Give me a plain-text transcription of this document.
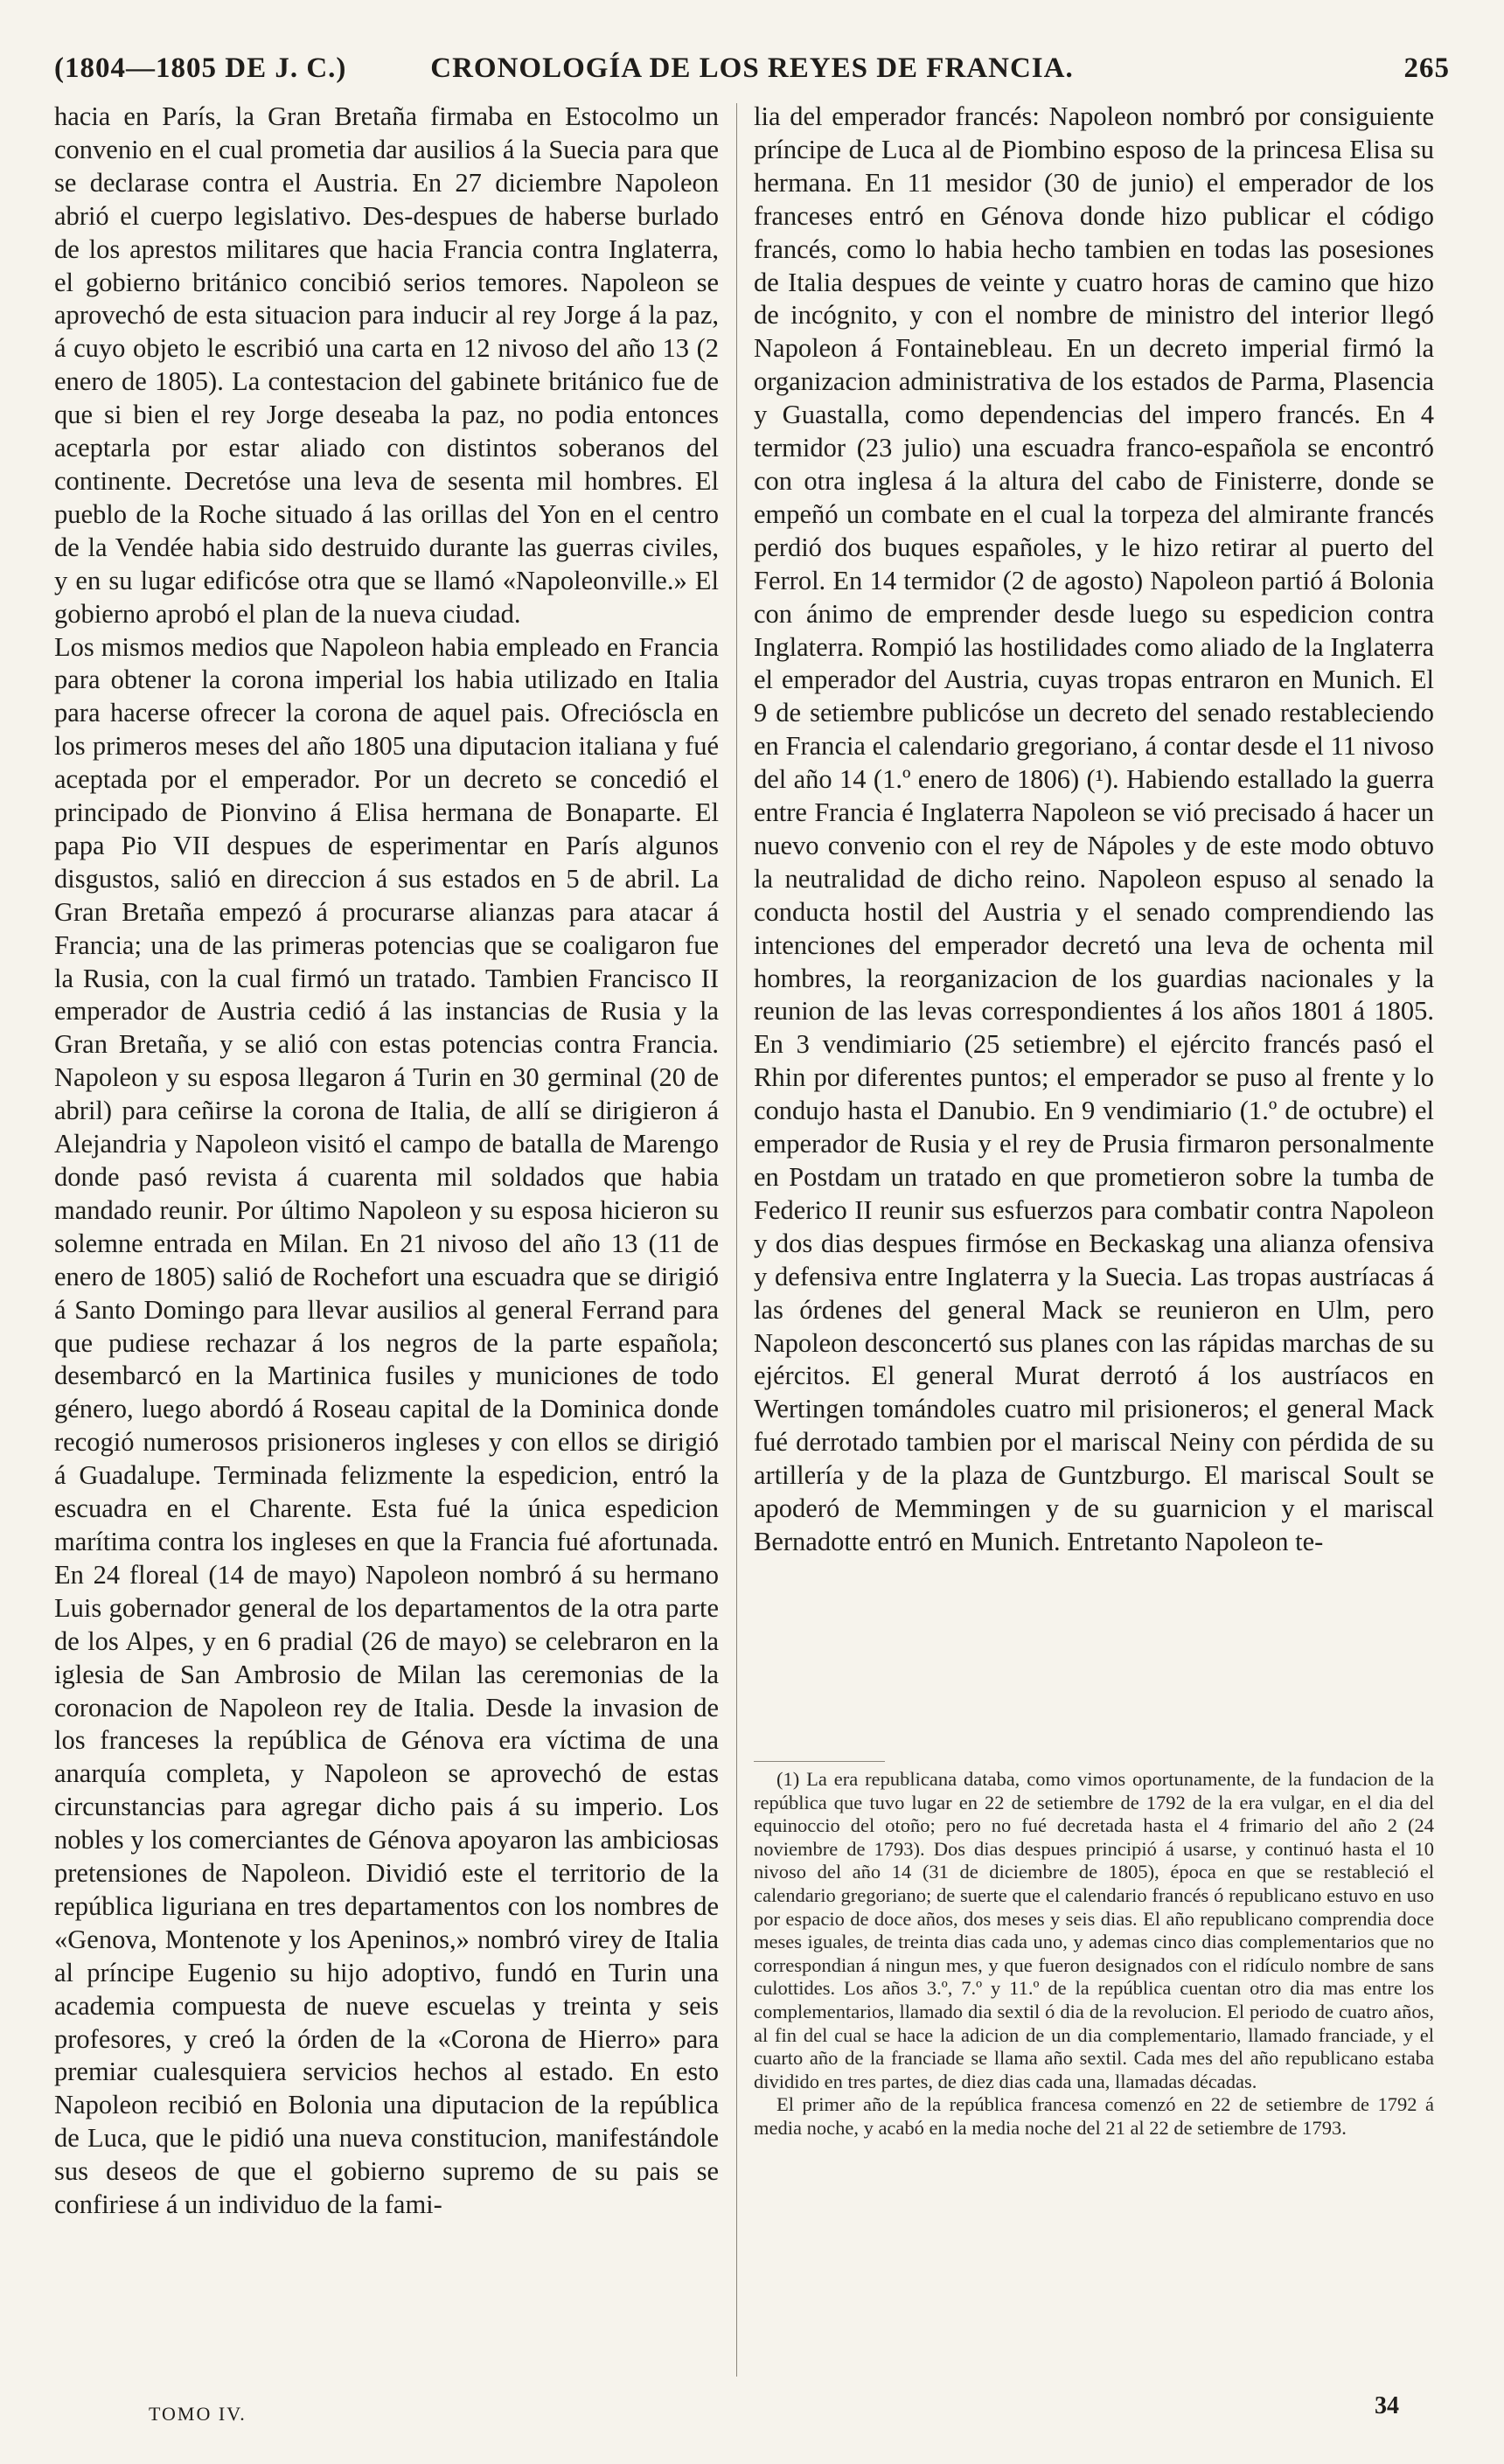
(1804—1805 DE J. C.)	CRONOLOGÍA DE LOS REYES DE FRANCIA.	265

hacia en París, la Gran Bretaña firmaba en Estocolmo un convenio en el cual prometia dar ausilios á la Suecia para que se declarase contra el Austria. En 27 diciembre Napoleon abrió el cuerpo legislativo. Des-despues de haberse burlado de los aprestos militares que hacia Francia contra Inglaterra, el gobierno británico concibió serios temores. Napoleon se aprovechó de esta situacion para inducir al rey Jorge á la paz, á cuyo objeto le escribió una carta en 12 nivoso del año 13 (2 enero de 1805). La contestacion del gabinete británico fue de que si bien el rey Jorge deseaba la paz, no podia entonces aceptarla por estar aliado con distintos soberanos del continente. Decretóse una leva de sesenta mil hombres. El pueblo de la Roche situado á las orillas del Yon en el centro de la Vendée habia sido destruido durante las guerras civiles, y en su lugar edificóse otra que se llamó «Napoleonville.» El gobierno aprobó el plan de la nueva ciudad.

Los mismos medios que Napoleon habia empleado en Francia para obtener la corona imperial los habia utilizado en Italia para hacerse ofrecer la corona de aquel pais. Ofrecióscla en los primeros meses del año 1805 una diputacion italiana y fué aceptada por el emperador. Por un decreto se concedió el principado de Pionvino á Elisa hermana de Bonaparte. El papa Pio VII despues de esperimentar en París algunos disgustos, salió en direccion á sus estados en 5 de abril. La Gran Bretaña empezó á procurarse alianzas para atacar á Francia; una de las primeras potencias que se coaligaron fue la Rusia, con la cual firmó un tratado. Tambien Francisco II emperador de Austria cedió á las instancias de Rusia y la Gran Bretaña, y se alió con estas potencias contra Francia. Napoleon y su esposa llegaron á Turin en 30 germinal (20 de abril) para ceñirse la corona de Italia, de allí se dirigieron á Alejandria y Napoleon visitó el campo de batalla de Marengo donde pasó revista á cuarenta mil soldados que habia mandado reunir. Por último Napoleon y su esposa hicieron su solemne entrada en Milan. En 21 nivoso del año 13 (11 de enero de 1805) salió de Rochefort una escuadra que se dirigió á Santo Domingo para llevar ausilios al general Ferrand para que pudiese rechazar á los negros de la parte española; desembarcó en la Martinica fusiles y municiones de todo género, luego abordó á Roseau capital de la Dominica donde recogió numerosos prisioneros ingleses y con ellos se dirigió á Guadalupe. Terminada felizmente la espedicion, entró la escuadra en el Charente. Esta fué la única espedicion marítima contra los ingleses en que la Francia fué afortunada. En 24 floreal (14 de mayo) Napoleon nombró á su hermano Luis gobernador general de los departamentos de la otra parte de los Alpes, y en 6 pradial (26 de mayo) se celebraron en la iglesia de San Ambrosio de Milan las ceremonias de la coronacion de Napoleon rey de Italia. Desde la invasion de los franceses la república de Génova era víctima de una anarquía completa, y Napoleon se aprovechó de estas circunstancias para agregar dicho pais á su imperio. Los nobles y los comerciantes de Génova apoyaron las ambiciosas pretensiones de Napoleon. Dividió este el territorio de la república liguriana en tres departamentos con los nombres de «Genova, Montenote y los Apeninos,» nombró virey de Italia al príncipe Eugenio su hijo adoptivo, fundó en Turin una academia compuesta de nueve escuelas y treinta y seis profesores, y creó la órden de la «Corona de Hierro» para premiar cualesquiera servicios hechos al estado. En esto Napoleon recibió en Bolonia una diputacion de la república de Luca, que le pidió una nueva constitucion, manifestándole sus deseos de que el gobierno supremo de su pais se confiriese á un individuo de la fami-

lia del emperador francés: Napoleon nombró por consiguiente príncipe de Luca al de Piombino esposo de la princesa Elisa su hermana. En 11 mesidor (30 de junio) el emperador de los franceses entró en Génova donde hizo publicar el código francés, como lo habia hecho tambien en todas las posesiones de Italia despues de veinte y cuatro horas de camino que hizo de incógnito, y con el nombre de ministro del interior llegó Napoleon á Fontainebleau. En un decreto imperial firmó la organizacion administrativa de los estados de Parma, Plasencia y Guastalla, como dependencias del impero francés. En 4 termidor (23 julio) una escuadra franco-española se encontró con otra inglesa á la altura del cabo de Finisterre, donde se empeñó un combate en el cual la torpeza del almirante francés perdió dos buques españoles, y le hizo retirar al puerto del Ferrol. En 14 termidor (2 de agosto) Napoleon partió á Bolonia con ánimo de emprender desde luego su espedicion contra Inglaterra. Rompió las hostilidades como aliado de la Inglaterra el emperador del Austria, cuyas tropas entraron en Munich. El 9 de setiembre publicóse un decreto del senado restableciendo en Francia el calendario gregoriano, á contar desde el 11 nivoso del año 14 (1.º enero de 1806) (¹). Habiendo estallado la guerra entre Francia é Inglaterra Napoleon se vió precisado á hacer un nuevo convenio con el rey de Nápoles y de este modo obtuvo la neutralidad de dicho reino. Napoleon espuso al senado la conducta hostil del Austria y el senado comprendiendo las intenciones del emperador decretó una leva de ochenta mil hombres, la reorganizacion de los guardias nacionales y la reunion de las levas correspondientes á los años 1801 á 1805. En 3 vendimiario (25 setiembre) el ejército francés pasó el Rhin por diferentes puntos; el emperador se puso al frente y lo condujo hasta el Danubio. En 9 vendimiario (1.º de octubre) el emperador de Rusia y el rey de Prusia firmaron personalmente en Postdam un tratado en que prometieron sobre la tumba de Federico II reunir sus esfuerzos para combatir contra Napoleon y dos dias despues firmóse en Beckaskag una alianza ofensiva y defensiva entre Inglaterra y la Suecia. Las tropas austríacas á las órdenes del general Mack se reunieron en Ulm, pero Napoleon desconcertó sus planes con las rápidas marchas de su ejércitos. El general Murat derrotó á los austríacos en Wertingen tomándoles cuatro mil prisioneros; el general Mack fué derrotado tambien por el mariscal Neiny con pérdida de su artillería y de la plaza de Guntzburgo. El mariscal Soult se apoderó de Memmingen y de su guarnicion y el mariscal Bernadotte entró en Munich. Entretanto Napoleon te-

(1) La era republicana databa, como vimos oportunamente, de la fundacion de la república que tuvo lugar en 22 de setiembre de 1792 de la era vulgar, en el dia del equinoccio del otoño; pero no fué decretada hasta el 4 frimario del año 2 (24 noviembre de 1793). Dos dias despues principió á usarse, y continuó hasta el 10 nivoso del año 14 (31 de diciembre de 1805), época en que se restableció el calendario gregoriano; de suerte que el calendario francés ó republicano estuvo en uso por espacio de doce años, dos meses y seis dias. El año republicano comprendia doce meses iguales, de treinta dias cada uno, y ademas cinco dias complementarios que no correspondian á ningun mes, y que fueron designados con el ridículo nombre de sans culottides. Los años 3.º, 7.º y 11.º de la república cuentan otro dia mas entre los complementarios, llamado dia sextil ó dia de la revolucion. El periodo de cuatro años, al fin del cual se hace la adicion de un dia complementario, llamado franciade, y el cuarto año de la franciade se llama año sextil. Cada mes del año republicano estaba dividido en tres partes, de diez dias cada una, llamadas décadas.

El primer año de la república francesa comenzó en 22 de setiembre de 1792 á media noche, y acabó en la media noche del 21 al 22 de setiembre de 1793.

TOMO IV.	34
